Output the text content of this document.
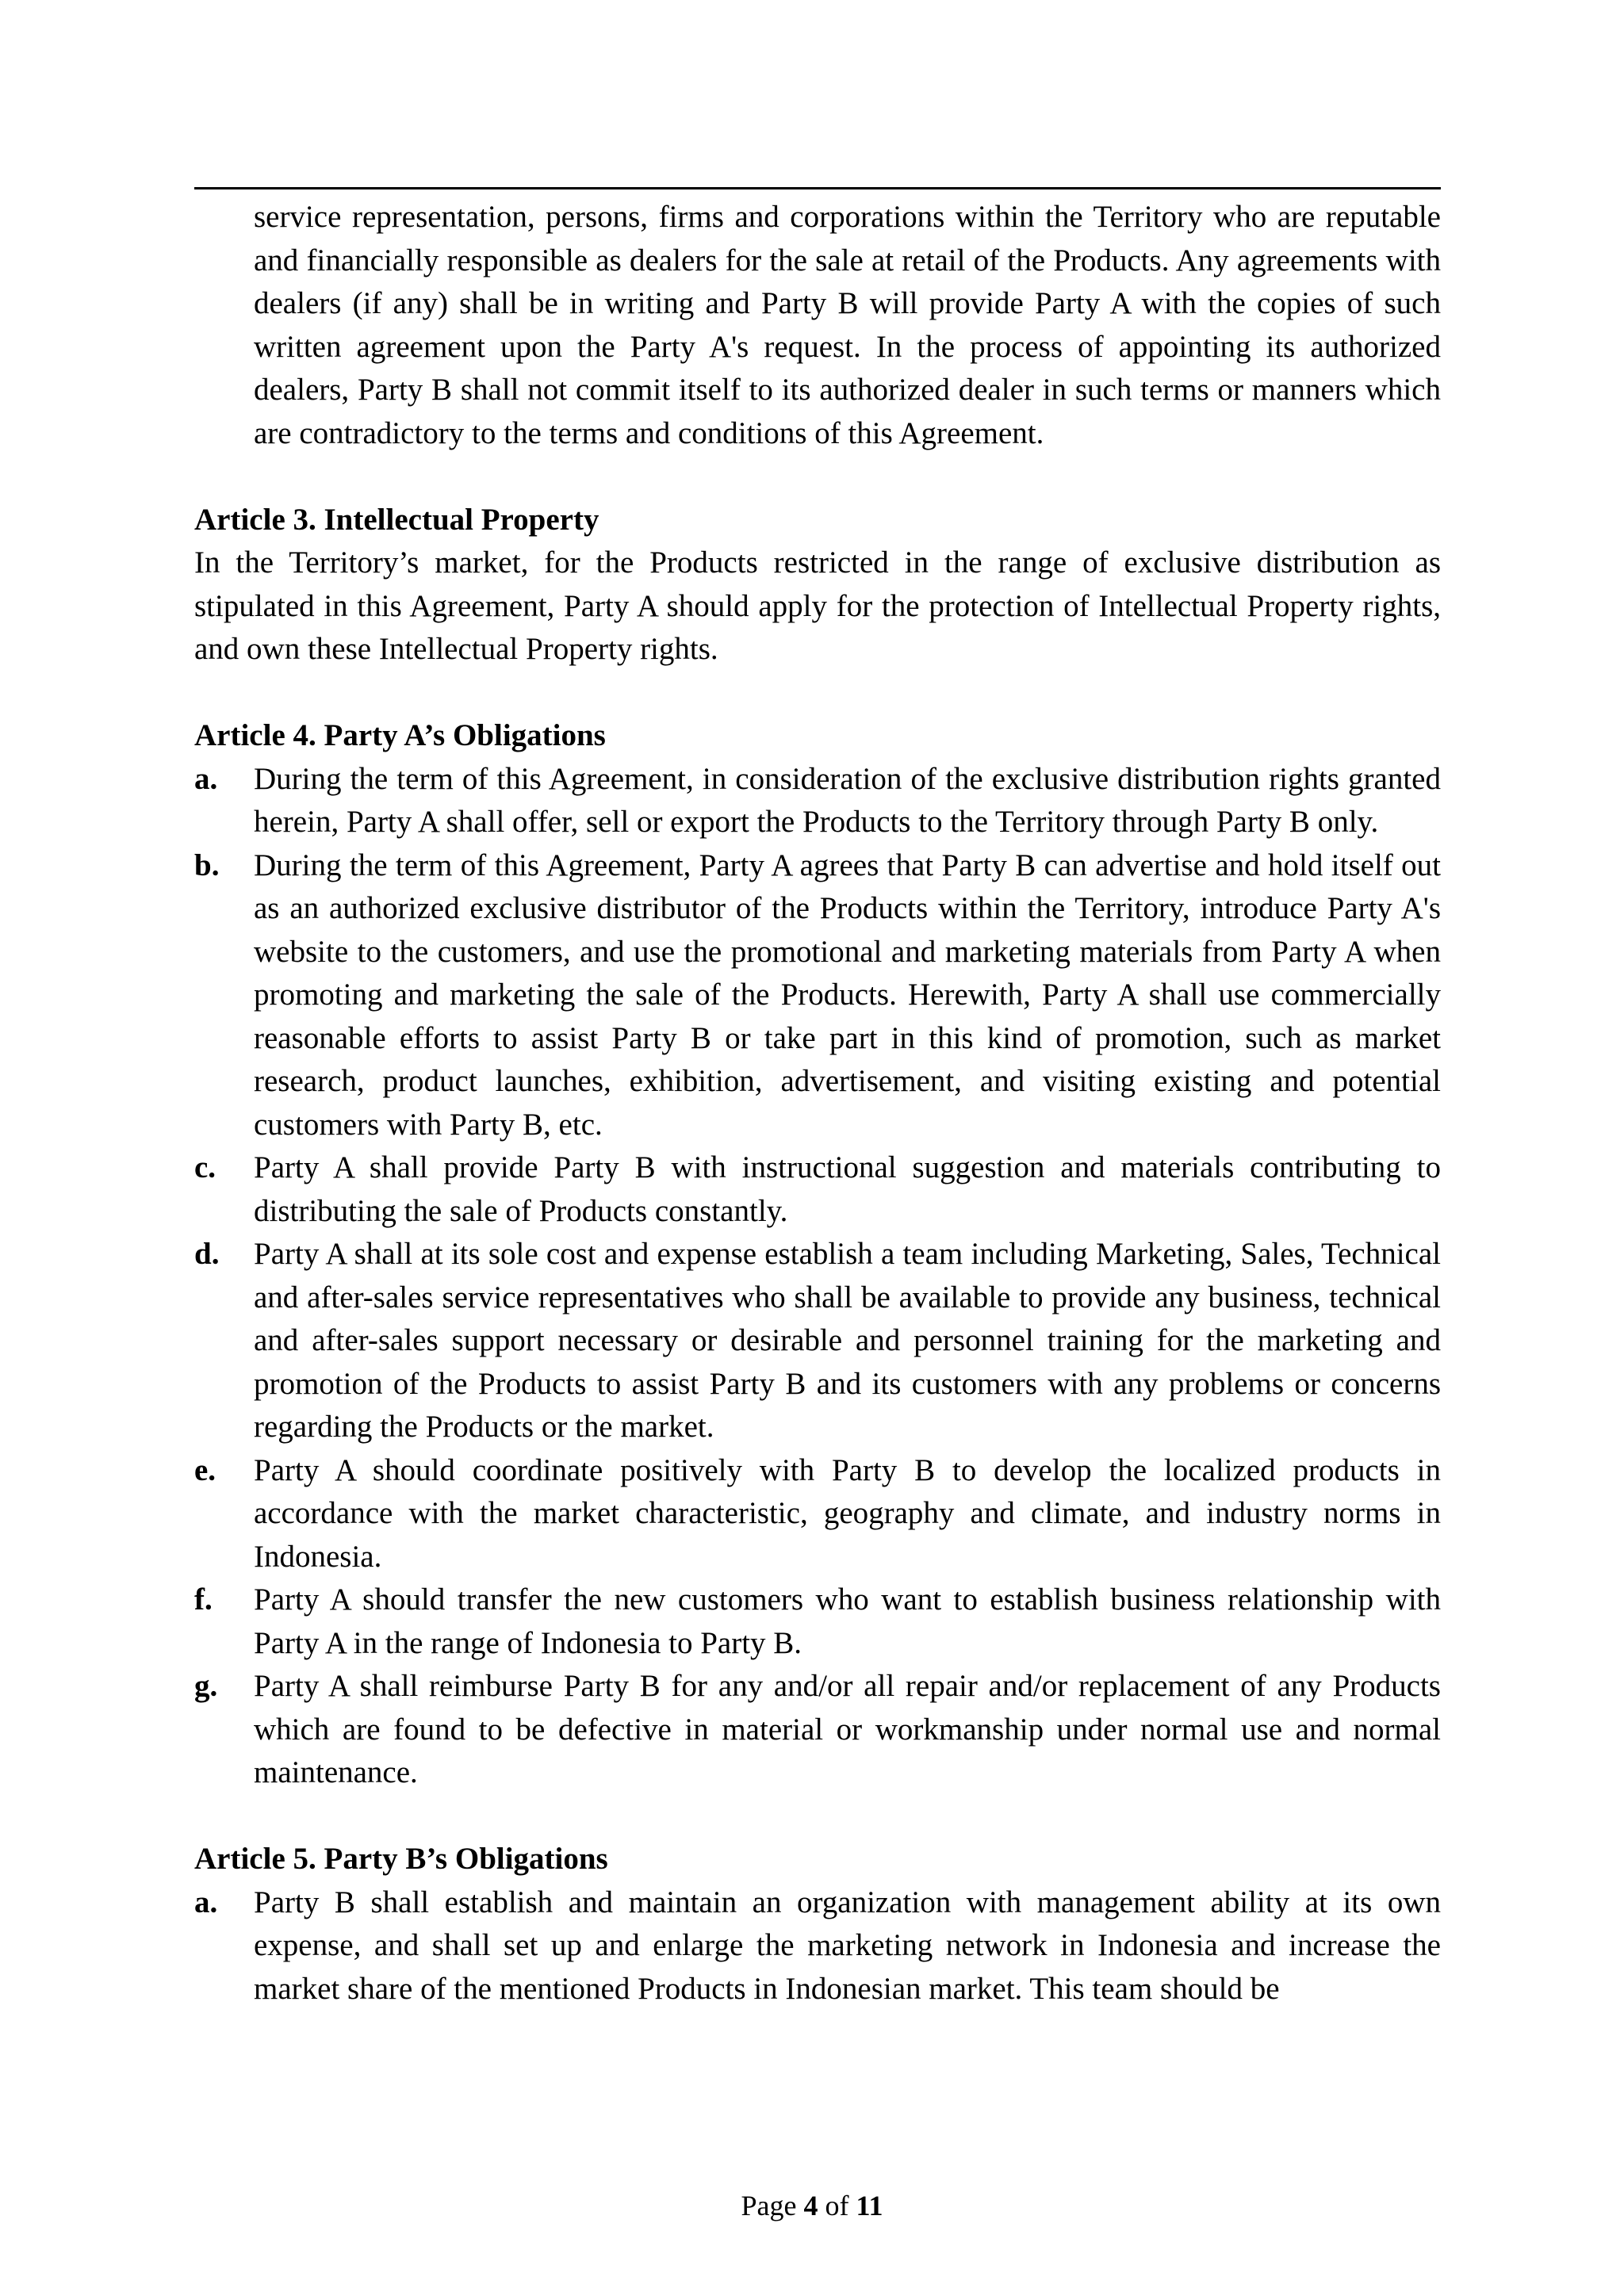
service representation, persons, firms and corporations within the Territory who are reputable and financially responsible as dealers for the sale at retail of the Products. Any agreements with dealers (if any) shall be in writing and Party B will provide Party A with the copies of such written agreement upon the Party A's request. In the process of appointing its authorized dealers, Party B shall not commit itself to its authorized dealer in such terms or manners which are contradictory to the terms and conditions of this Agreement.
Article 3. Intellectual Property
In the Territory’s market, for the Products restricted in the range of exclusive distribution as stipulated in this Agreement, Party A should apply for the protection of Intellectual Property rights, and own these Intellectual Property rights.
Article 4. Party A’s Obligations
a. During the term of this Agreement, in consideration of the exclusive distribution rights granted herein, Party A shall offer, sell or export the Products to the Territory through Party B only.
b. During the term of this Agreement, Party A agrees that Party B can advertise and hold itself out as an authorized exclusive distributor of the Products within the Territory, introduce Party A's website to the customers, and use the promotional and marketing materials from Party A when promoting and marketing the sale of the Products. Herewith, Party A shall use commercially reasonable efforts to assist Party B or take part in this kind of promotion, such as market research, product launches, exhibition, advertisement, and visiting existing and potential customers with Party B, etc.
c. Party A shall provide Party B with instructional suggestion and materials contributing to distributing the sale of Products constantly.
d. Party A shall at its sole cost and expense establish a team including Marketing, Sales, Technical and after-sales service representatives who shall be available to provide any business, technical and after-sales support necessary or desirable and personnel training for the marketing and promotion of the Products to assist Party B and its customers with any problems or concerns regarding the Products or the market.
e. Party A should coordinate positively with Party B to develop the localized products in accordance with the market characteristic, geography and climate, and industry norms in Indonesia.
f. Party A should transfer the new customers who want to establish business relationship with Party A in the range of Indonesia to Party B.
g. Party A shall reimburse Party B for any and/or all repair and/or replacement of any Products which are found to be defective in material or workmanship under normal use and normal maintenance.
Article 5. Party B’s Obligations
a. Party B shall establish and maintain an organization with management ability at its own expense, and shall set up and enlarge the marketing network in Indonesia and increase the market share of the mentioned Products in Indonesian market. This team should be
Page 4 of 11
